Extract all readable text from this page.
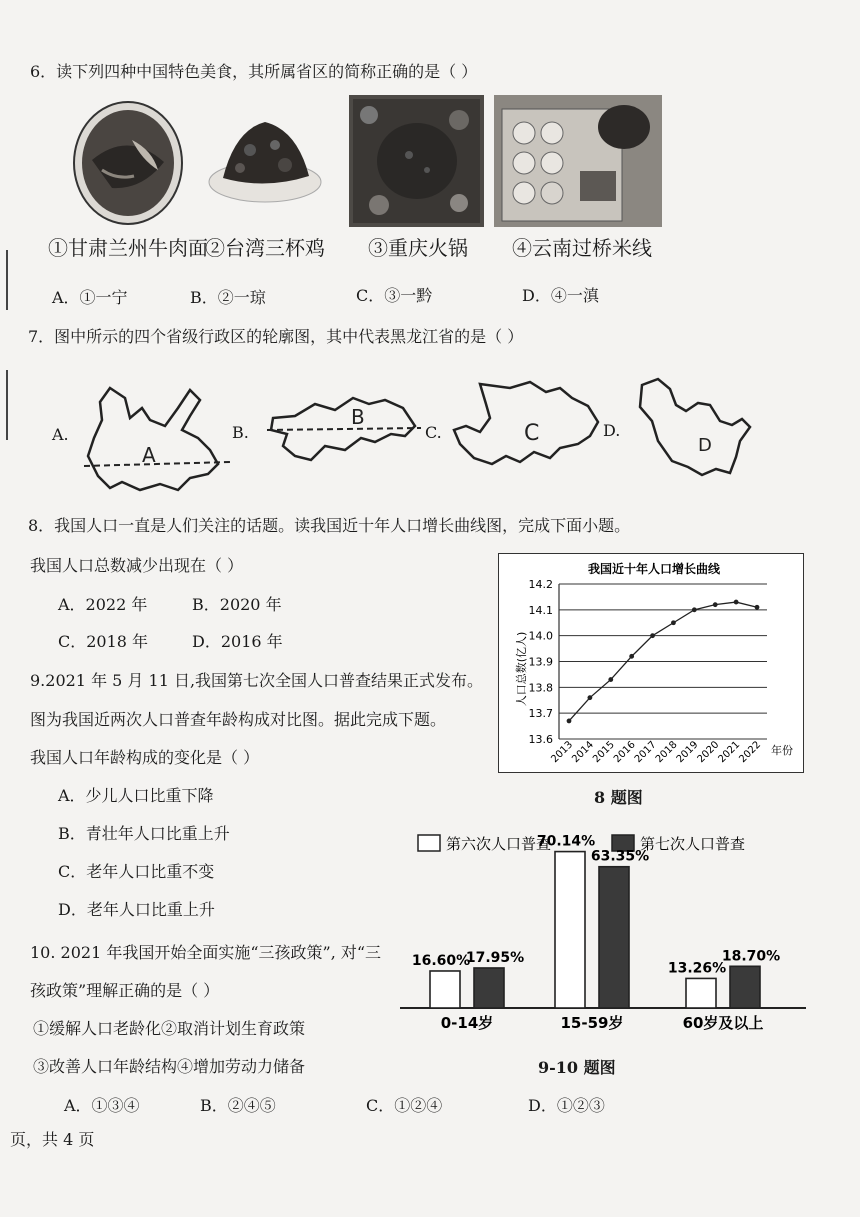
6．读下列四种中国特色美食，其所属省区的简称正确的是（ ）
①甘肃兰州牛肉面
②台湾三杯鸡 ③重庆火锅 ④云南过桥米线
A．①一宁	B．②一琼	C．③一黔	D．④一滇
7．图中所示的四个省级行政区的轮廓图，其中代表黑龙江省的是（ ）
A.	B.	C.	D.
A
B
C	D
8．我国人口一直是人们关注的话题。读我国近十年人口增长曲线图，完成下面小题。
我国人口总数减少出现在（ ）
A．2022 年	B．2020 年
C．2018 年	D．2016 年
我国近十年人口增长曲线
人口总数(亿人)
年份
13.6
13.7
13.8
13.9
14.0
14.1
14.2
2013
2014
2015
2016
2017
2018
2019
2020
2021
2022
8 题图
9.2021 年 5 月 11 日,我国第七次全国人口普查结果正式发布。
图为我国近两次人口普查年龄构成对比图。据此完成下题。
我国人口年龄构成的变化是（ ）
A．少儿人口比重下降
B．青壮年人口比重上升
C．老年人口比重不变
D．老年人口比重上升
10. 2021 年我国开始全面实施“三孩政策”, 对“三
孩政策”理解正确的是（ ）
①缓解人口老龄化②取消计划生育政策
③改善人口年龄结构④增加劳动力储备
A．①③④	B．②④⑤	C．①②④	D．①②③
第六次人口普查	第七次人口普查
16.60%
17.95%
0-14岁
70.14%
63.35%
15-59岁
13.26%
18.70%
60岁及以上
9-10 题图
页，共 4 页
